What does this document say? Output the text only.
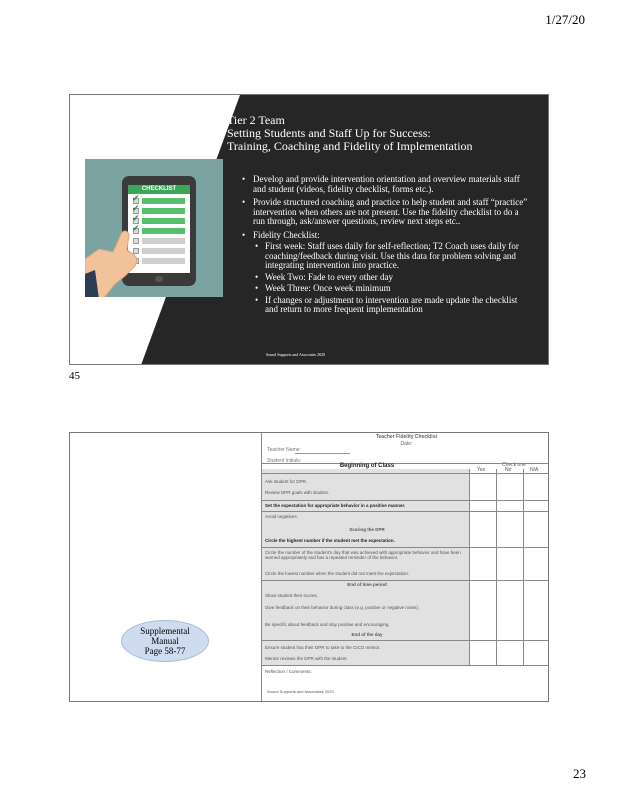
1/27/20
CHECKLIST
✔
✔
✔
✔
Tier 2 Team
Setting Students and Staff Up for Success:
Training, Coaching and Fidelity of Implementation
• Develop and provide intervention orientation and overview materials staff and student (videos, fidelity checklist, forms etc.).
• Provide structured coaching and practice to help student and staff “practice” intervention when others are not present. Use the fidelity checklist to do a run through, ask/answer questions, review next steps etc..
• Fidelity Checklist:
• First week: Staff uses daily for self-reflection; T2 Coach uses daily for coaching/feedback during visit. Use this data for problem solving and integrating intervention into practice.
• Week Two: Fade to every other day
• Week Three: Once week minimum
• If changes or adjustment to intervention are made update the checklist and return to more frequent implementation
Sound Supports and Associates 2020
45
Supplemental
Manual
Page 58-77
Teacher Fidelity Checklist
Date:
Teacher Name:
Student Initials:
Check one
Beginning of Class
Yes	No	N/A
Ask student for DPR.
Review DPR goals with student.
Set the expectation for appropriate behavior in a positive manner.
Avoid negatives.
Scoring the DPR
Circle the highest number if the student met the expectation.
Circle the number of the student's day that was achieved with appropriate behavior and have been warned appropriately and has a repeated reminder of the behavior.
Circle the lowest number when the student did not meet the expectation.
End of time period
Show student their scores.
Give feedback on their behavior during class (e.g. positive or negative notes).
Be specific about feedback and stay positive and encouraging.
End of the day
Ensure student has their DPR to take to the CICO mentor.
Mentor reviews the DPR with the student.
Reflection / Comments:
Sound Supports and Associates 2020
23
